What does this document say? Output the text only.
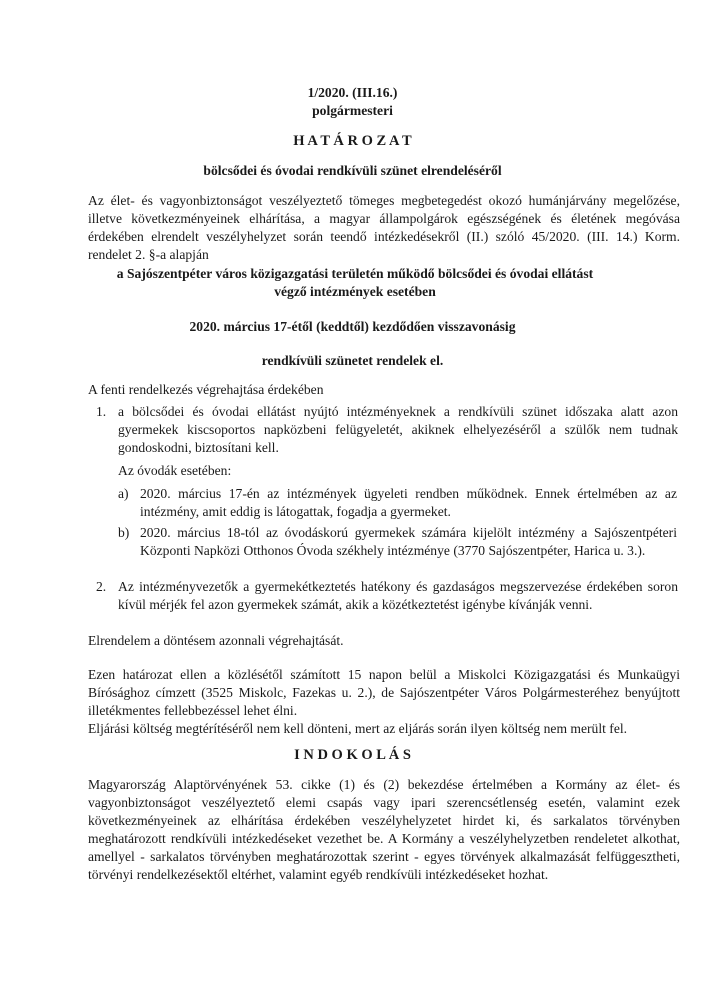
1/2020. (III.16.)
polgármesteri
H A T Á R O Z A T
bölcsődei és óvodai rendkívüli szünet elrendeléséről
Az élet- és vagyonbiztonságot veszélyeztető tömeges megbetegedést okozó humánjárvány megelőzése, illetve következményeinek elhárítása, a magyar állampolgárok egészségének és életének megóvása érdekében elrendelt veszélyhelyzet során teendő intézkedésekről (II.) szóló 45/2020. (III. 14.) Korm. rendelet 2. §-a alapján
a Sajószentpéter város közigazgatási területén működő bölcsődei és óvodai ellátást végző intézmények esetében
2020. március 17-étől (keddtől) kezdődően visszavonásig
rendkívüli szünetet rendelek el.
A fenti rendelkezés végrehajtása érdekében
1. a bölcsődei és óvodai ellátást nyújtó intézményeknek a rendkívüli szünet időszaka alatt azon gyermekek kiscsoportos napközbeni felügyeletét, akiknek elhelyezéséről a szülők nem tudnak gondoskodni, biztosítani kell.
Az óvodák esetében:
a) 2020. március 17-én az intézmények ügyeleti rendben működnek. Ennek értelmében az az intézmény, amit eddig is látogattak, fogadja a gyermeket.
b) 2020. március 18-tól az óvodáskorú gyermekek számára kijelölt intézmény a Sajószentpéteri Központi Napközi Otthonos Óvoda székhely intézménye (3770 Sajószentpéter, Harica u. 3.).
2. Az intézményvezetők a gyermekétkeztetés hatékony és gazdaságos megszervezése érdekében soron kívül mérjék fel azon gyermekek számát, akik a közétkeztetést igénybe kívánják venni.
Elrendelem a döntésem azonnali végrehajtását.
Ezen határozat ellen a közlésétől számított 15 napon belül a Miskolci Közigazgatási és Munkaügyi Bírósághoz címzett (3525 Miskolc, Fazekas u. 2.), de Sajószentpéter Város Polgármesteréhez benyújtott illetékmentes fellebbezéssel lehet élni.
Eljárási költség megtérítéséről nem kell dönteni, mert az eljárás során ilyen költség nem merült fel.
I N D O K O L Á S
Magyarország Alaptörvényének 53. cikke (1) és (2) bekezdése értelmében a Kormány az élet- és vagyonbiztonságot veszélyeztető elemi csapás vagy ipari szerencsétlenség esetén, valamint ezek következményeinek az elhárítása érdekében veszélyhelyzetet hirdet ki, és sarkalatos törvényben meghatározott rendkívüli intézkedéseket vezethet be. A Kormány a veszélyhelyzetben rendeletet alkothat, amellyel - sarkalatos törvényben meghatározottak szerint - egyes törvények alkalmazását felfüggesztheti, törvényi rendelkezésektől eltérhet, valamint egyéb rendkívüli intézkedéseket hozhat.
